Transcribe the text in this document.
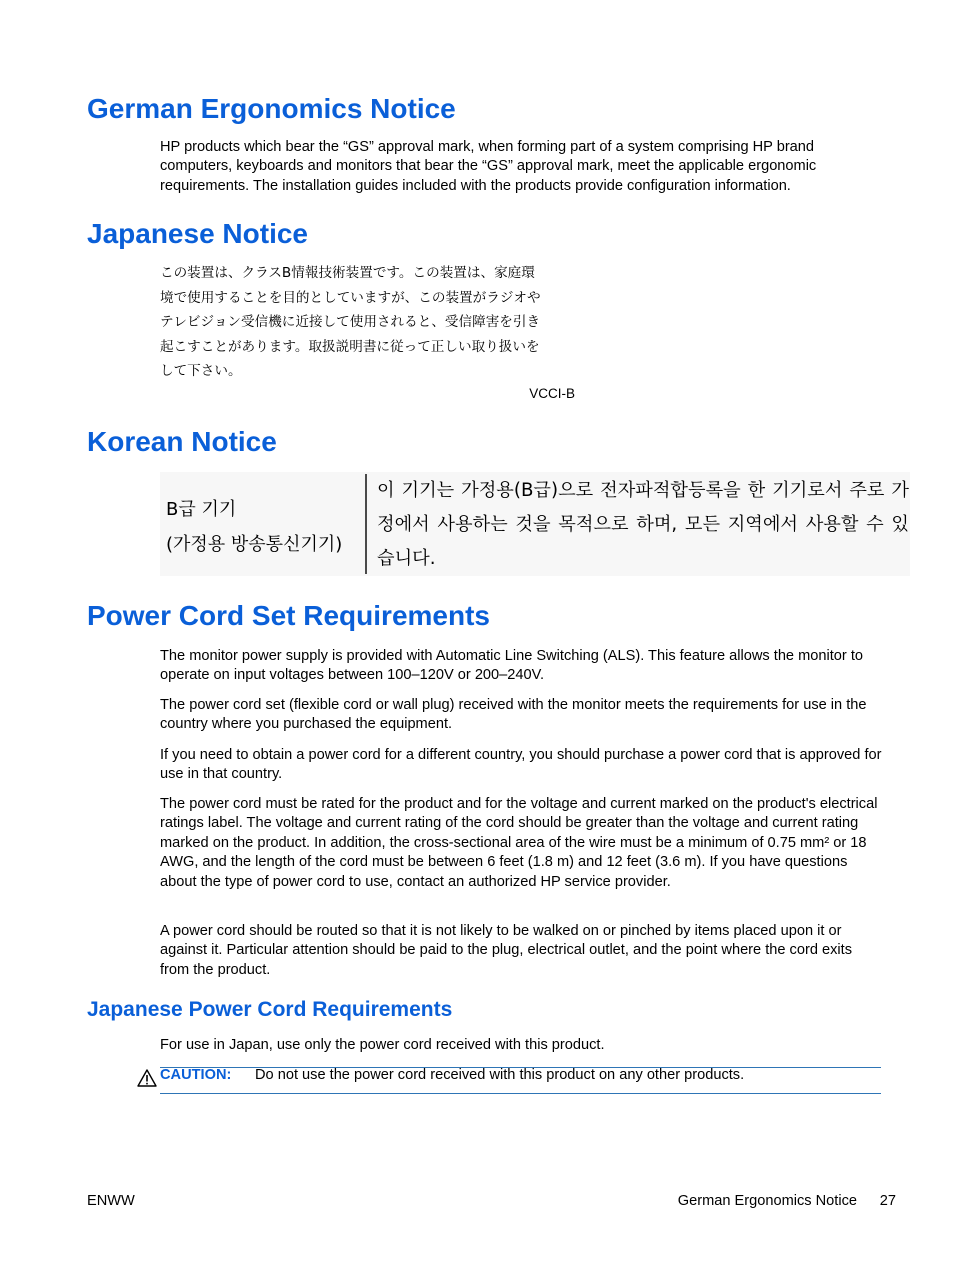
German Ergonomics Notice

HP products which bear the “GS” approval mark, when forming part of a system comprising HP brand computers, keyboards and monitors that bear the “GS” approval mark, meet the applicable ergonomic requirements. The installation guides included with the products provide configuration information.

Japanese Notice
この装置は、クラスB情報技術装置です。この装置は、家庭環
境で使用することを目的としていますが、この装置がラジオや
テレビジョン受信機に近接して使用されると、受信障害を引き
起こすことがあります。取扱説明書に従って正しい取り扱いを
して下さい。
VCCI-B
Korean Notice
B급 기기
(가정용 방송통신기기)
이 기기는 가정용(B급)으로 전자파적합등록을 한 기기로서 주로 가정에서 사용하는 것을 목적으로 하며, 모든 지역에서 사용할 수 있습니다.
Power Cord Set Requirements

The monitor power supply is provided with Automatic Line Switching (ALS). This feature allows the monitor to operate on input voltages between 100–120V or 200–240V.

The power cord set (flexible cord or wall plug) received with the monitor meets the requirements for use in the country where you purchased the equipment.

If you need to obtain a power cord for a different country, you should purchase a power cord that is approved for use in that country.

The power cord must be rated for the product and for the voltage and current marked on the product's electrical ratings label. The voltage and current rating of the cord should be greater than the voltage and current rating marked on the product. In addition, the cross-sectional area of the wire must be a minimum of 0.75 mm² or 18 AWG, and the length of the cord must be between 6 feet (1.8 m) and 12 feet (3.6 m). If you have questions about the type of power cord to use, contact an authorized HP service provider.

A power cord should be routed so that it is not likely to be walked on or pinched by items placed upon it or against it. Particular attention should be paid to the plug, electrical outlet, and the point where the cord exits from the product.

Japanese Power Cord Requirements

For use in Japan, use only the power cord received with this product.

CAUTION: Do not use the power cord received with this product on any other products.
ENWW	German Ergonomics Notice 27
